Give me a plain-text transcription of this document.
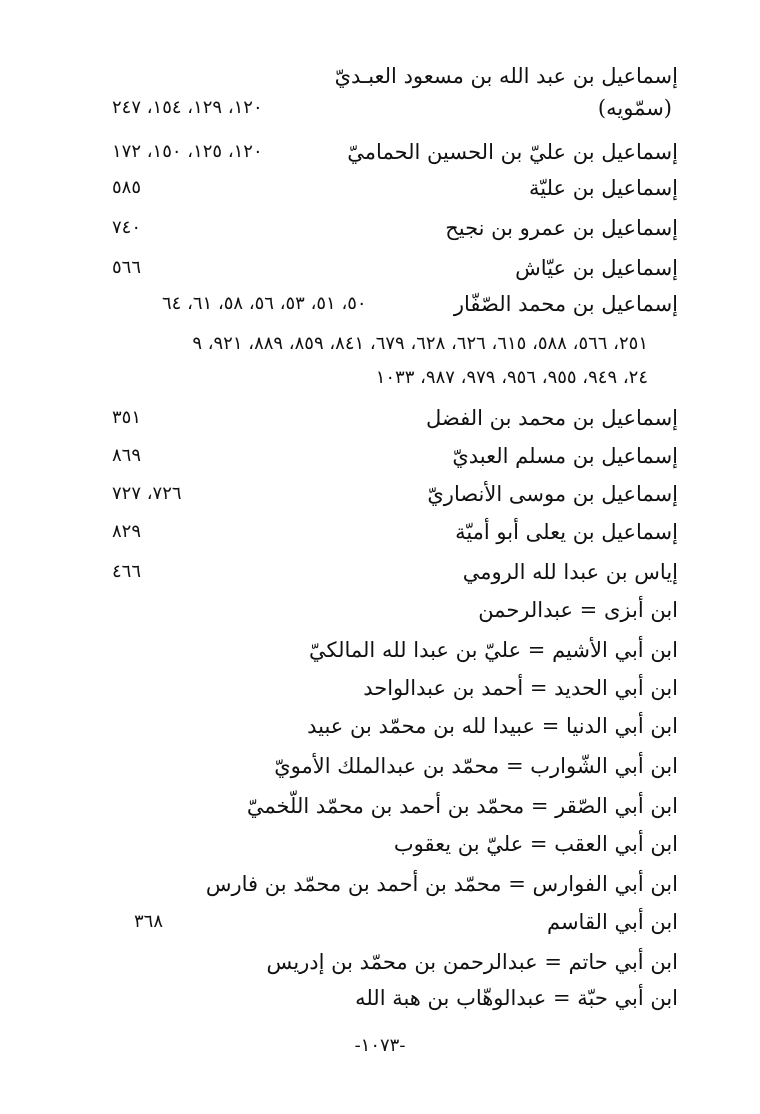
إسماعيل بن عبد الله بن مسعود العبـديّ
(سمّويه)
١٢٠، ١٢٩، ١٥٤، ٢٤٧
إسماعيل بن عليّ بن الحسين الحماميّ
١٢٠، ١٢٥، ١٥٠، ١٧٢
إسماعيل بن عليّة
٥٨٥
إسماعيل بن عمرو بن نجيح
٧٤٠
إسماعيل بن عيّاش
٥٦٦
إسماعيل بن محمد الصّفّار
٥٠، ٥١، ٥٣، ٥٦، ٥٨، ٦١، ٦٤
٢٥١، ٥٦٦، ٥٨٨، ٦١٥، ٦٢٦، ٦٢٨، ٦٧٩، ٨٤١، ٨٥٩، ٨٨٩، ٩٢١، ٩
٢٤، ٩٤٩، ٩٥٥، ٩٥٦، ٩٧٩، ٩٨٧، ١٠٣٣
إسماعيل بن محمد بن الفضل
٣٥١
إسماعيل بن مسلم العبديّ
٨٦٩
إسماعيل بن موسى الأنصاريّ
٧٢٦، ٧٢٧
إسماعيل بن يعلى أبو أميّة
٨٢٩
إياس بن عبدا لله الرومي
٤٦٦
ابن أبزى = عبدالرحمن
ابن أبي الأشيم = عليّ بن عبدا لله المالكيّ
ابن أبي الحديد = أحمد بن عبدالواحد
ابن أبي الدنيا = عبيدا لله بن محمّد بن عبيد
ابن أبي الشّوارب = محمّد بن عبدالملك الأمويّ
ابن أبي الصّقر = محمّد بن أحمد بن محمّد اللّخميّ
ابن أبي العقب = عليّ بن يعقوب
ابن أبي الفوارس = محمّد بن أحمد بن محمّد بن فارس
ابن أبي القاسم
٣٦٨
ابن أبي حاتم = عبدالرحمن بن محمّد بن إدريس
ابن أبي حبّة = عبدالوهّاب بن هبة الله
-١٠٧٣-
